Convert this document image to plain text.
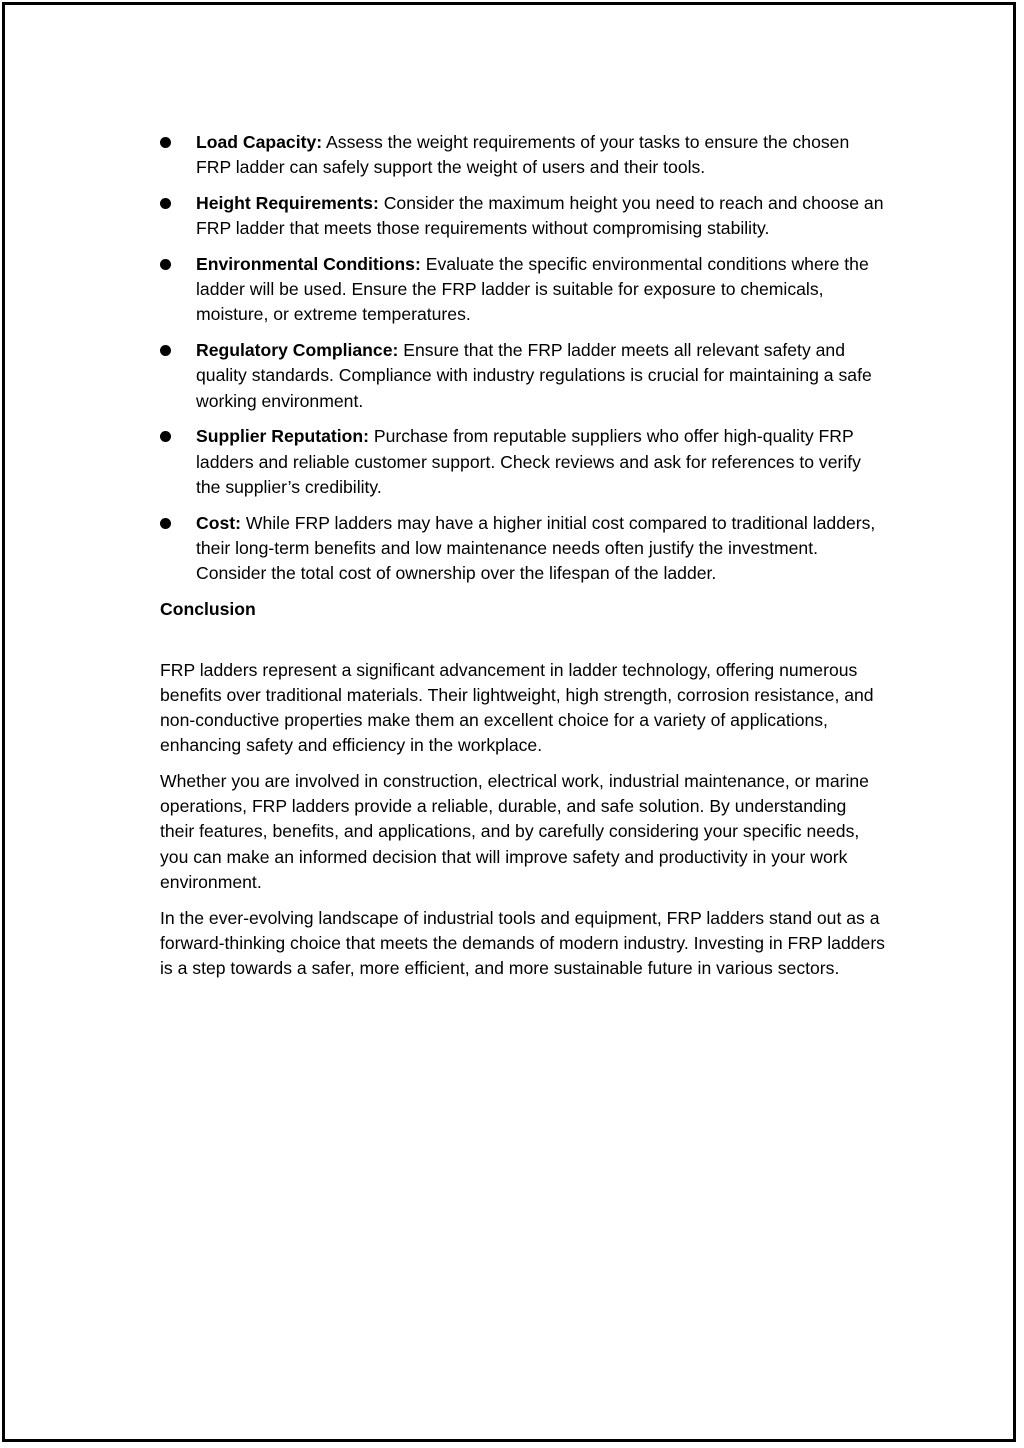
Load Capacity: Assess the weight requirements of your tasks to ensure the chosen FRP ladder can safely support the weight of users and their tools.
Height Requirements: Consider the maximum height you need to reach and choose an FRP ladder that meets those requirements without compromising stability.
Environmental Conditions: Evaluate the specific environmental conditions where the ladder will be used. Ensure the FRP ladder is suitable for exposure to chemicals, moisture, or extreme temperatures.
Regulatory Compliance: Ensure that the FRP ladder meets all relevant safety and quality standards. Compliance with industry regulations is crucial for maintaining a safe working environment.
Supplier Reputation: Purchase from reputable suppliers who offer high-quality FRP ladders and reliable customer support. Check reviews and ask for references to verify the supplier’s credibility.
Cost: While FRP ladders may have a higher initial cost compared to traditional ladders, their long-term benefits and low maintenance needs often justify the investment. Consider the total cost of ownership over the lifespan of the ladder.
Conclusion

FRP ladders represent a significant advancement in ladder technology, offering numerous benefits over traditional materials. Their lightweight, high strength, corrosion resistance, and non-conductive properties make them an excellent choice for a variety of applications, enhancing safety and efficiency in the workplace.

Whether you are involved in construction, electrical work, industrial maintenance, or marine operations, FRP ladders provide a reliable, durable, and safe solution. By understanding their features, benefits, and applications, and by carefully considering your specific needs, you can make an informed decision that will improve safety and productivity in your work environment.

In the ever-evolving landscape of industrial tools and equipment, FRP ladders stand out as a forward-thinking choice that meets the demands of modern industry. Investing in FRP ladders is a step towards a safer, more efficient, and more sustainable future in various sectors.
